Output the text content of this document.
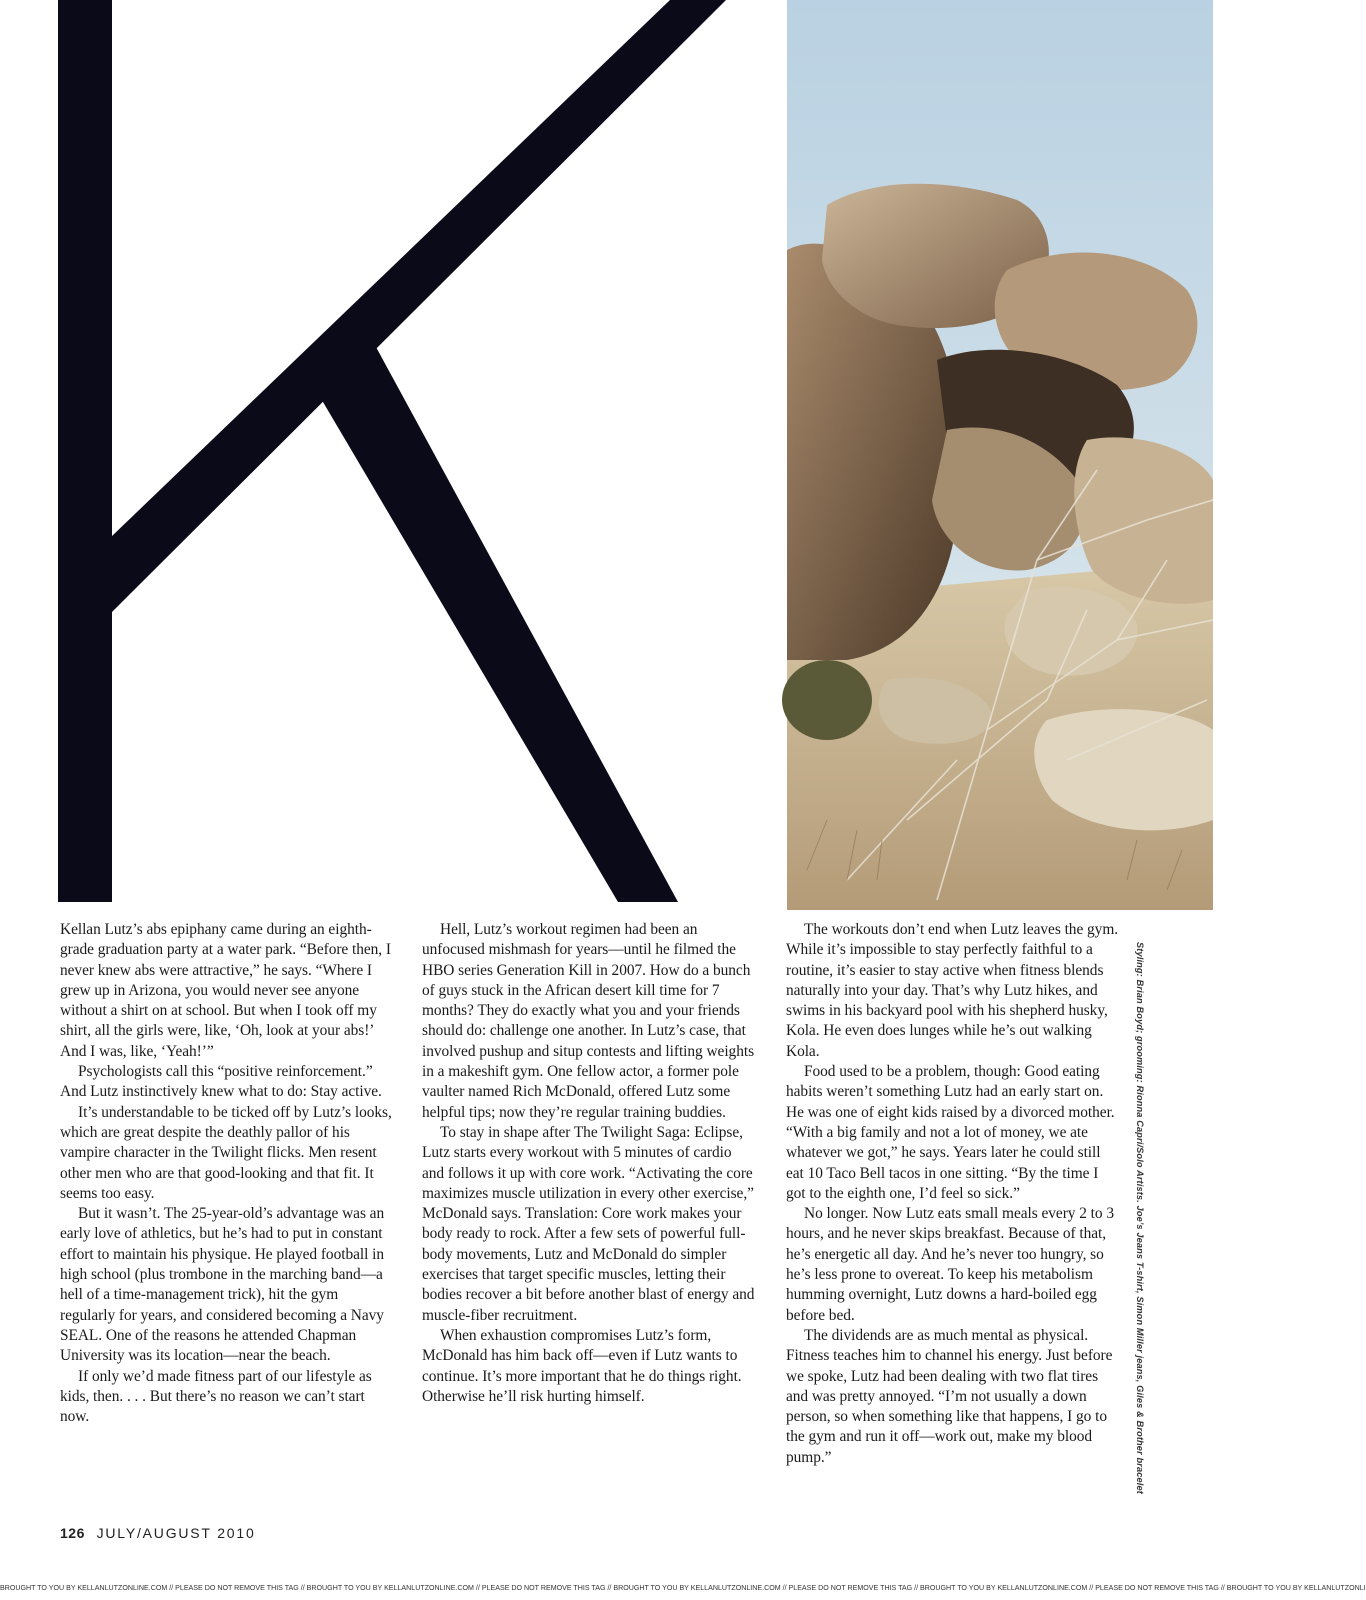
Kellan Lutz’s abs epiphany came during an eighth-grade graduation party at a water park. “Before then, I never knew abs were attractive,” he says. “Where I grew up in Arizona, you would never see anyone without a shirt on at school. But when I took off my shirt, all the girls were, like, ‘Oh, look at your abs!’ And I was, like, ‘Yeah!’”

Psychologists call this “positive reinforcement.” And Lutz instinctively knew what to do: Stay active.

It’s understandable to be ticked off by Lutz’s looks, which are great despite the deathly pallor of his vampire character in the Twilight flicks. Men resent other men who are that good-looking and that fit. It seems too easy.

But it wasn’t. The 25-year-old’s advantage was an early love of athletics, but he’s had to put in constant effort to maintain his physique. He played football in high school (plus trombone in the marching band—a hell of a time-management trick), hit the gym regularly for years, and considered becoming a Navy SEAL. One of the reasons he attended Chapman University was its location—near the beach.

If only we’d made fitness part of our lifestyle as kids, then. . . . But there’s no reason we can’t start now.

Hell, Lutz’s workout regimen had been an unfocused mishmash for years—until he filmed the HBO series Generation Kill in 2007. How do a bunch of guys stuck in the African desert kill time for 7 months? They do exactly what you and your friends should do: challenge one another. In Lutz’s case, that involved pushup and situp contests and lifting weights in a makeshift gym. One fellow actor, a former pole vaulter named Rich McDonald, offered Lutz some helpful tips; now they’re regular training buddies.

To stay in shape after The Twilight Saga: Eclipse, Lutz starts every workout with 5 minutes of cardio and follows it up with core work. “Activating the core maximizes muscle utilization in every other exercise,” McDonald says. Translation: Core work makes your body ready to rock. After a few sets of powerful full-body movements, Lutz and McDonald do simpler exercises that target specific muscles, letting their bodies recover a bit before another blast of energy and muscle-fiber recruitment.

When exhaustion compromises Lutz’s form, McDonald has him back off—even if Lutz wants to continue. It’s more important that he do things right. Otherwise he’ll risk hurting himself.

The workouts don’t end when Lutz leaves the gym. While it’s impossible to stay perfectly faithful to a routine, it’s easier to stay active when fitness blends naturally into your day. That’s why Lutz hikes, and swims in his backyard pool with his shepherd husky, Kola. He even does lunges while he’s out walking Kola.

Food used to be a problem, though: Good eating habits weren’t something Lutz had an early start on. He was one of eight kids raised by a divorced mother. “With a big family and not a lot of money, we ate whatever we got,” he says. Years later he could still eat 10 Taco Bell tacos in one sitting. “By the time I got to the eighth one, I’d feel so sick.”

No longer. Now Lutz eats small meals every 2 to 3 hours, and he never skips breakfast. Because of that, he’s energetic all day. And he’s never too hungry, so he’s less prone to overeat. To keep his metabolism humming overnight, Lutz downs a hard-boiled egg before bed.

The dividends are as much mental as physical. Fitness teaches him to channel his energy. Just before we spoke, Lutz had been dealing with two flat tires and was pretty annoyed. “I’m not usually a down person, so when something like that happens, I go to the gym and run it off—work out, make my blood pump.”	Styling: Brian Boyd; grooming: Rionna Capri/Solo Artists. Joe’s Jeans T-shirt, Simon Miller jeans, Giles & Brother bracelet
126 JULY/AUGUST 2010
BROUGHT TO YOU BY KELLANLUTZONLINE.COM // PLEASE DO NOT REMOVE THIS TAG // BROUGHT TO YOU BY KELLANLUTZONLINE.COM // PLEASE DO NOT REMOVE THIS TAG // BROUGHT TO YOU BY KELLANLUTZONLINE.COM // PLEASE DO NOT REMOVE THIS TAG // BROUGHT TO YOU BY KELLANLUTZONLINE.COM // PLEASE DO NOT REMOVE THIS TAG // BROUGHT TO YOU BY KELLANLUTZONLI
